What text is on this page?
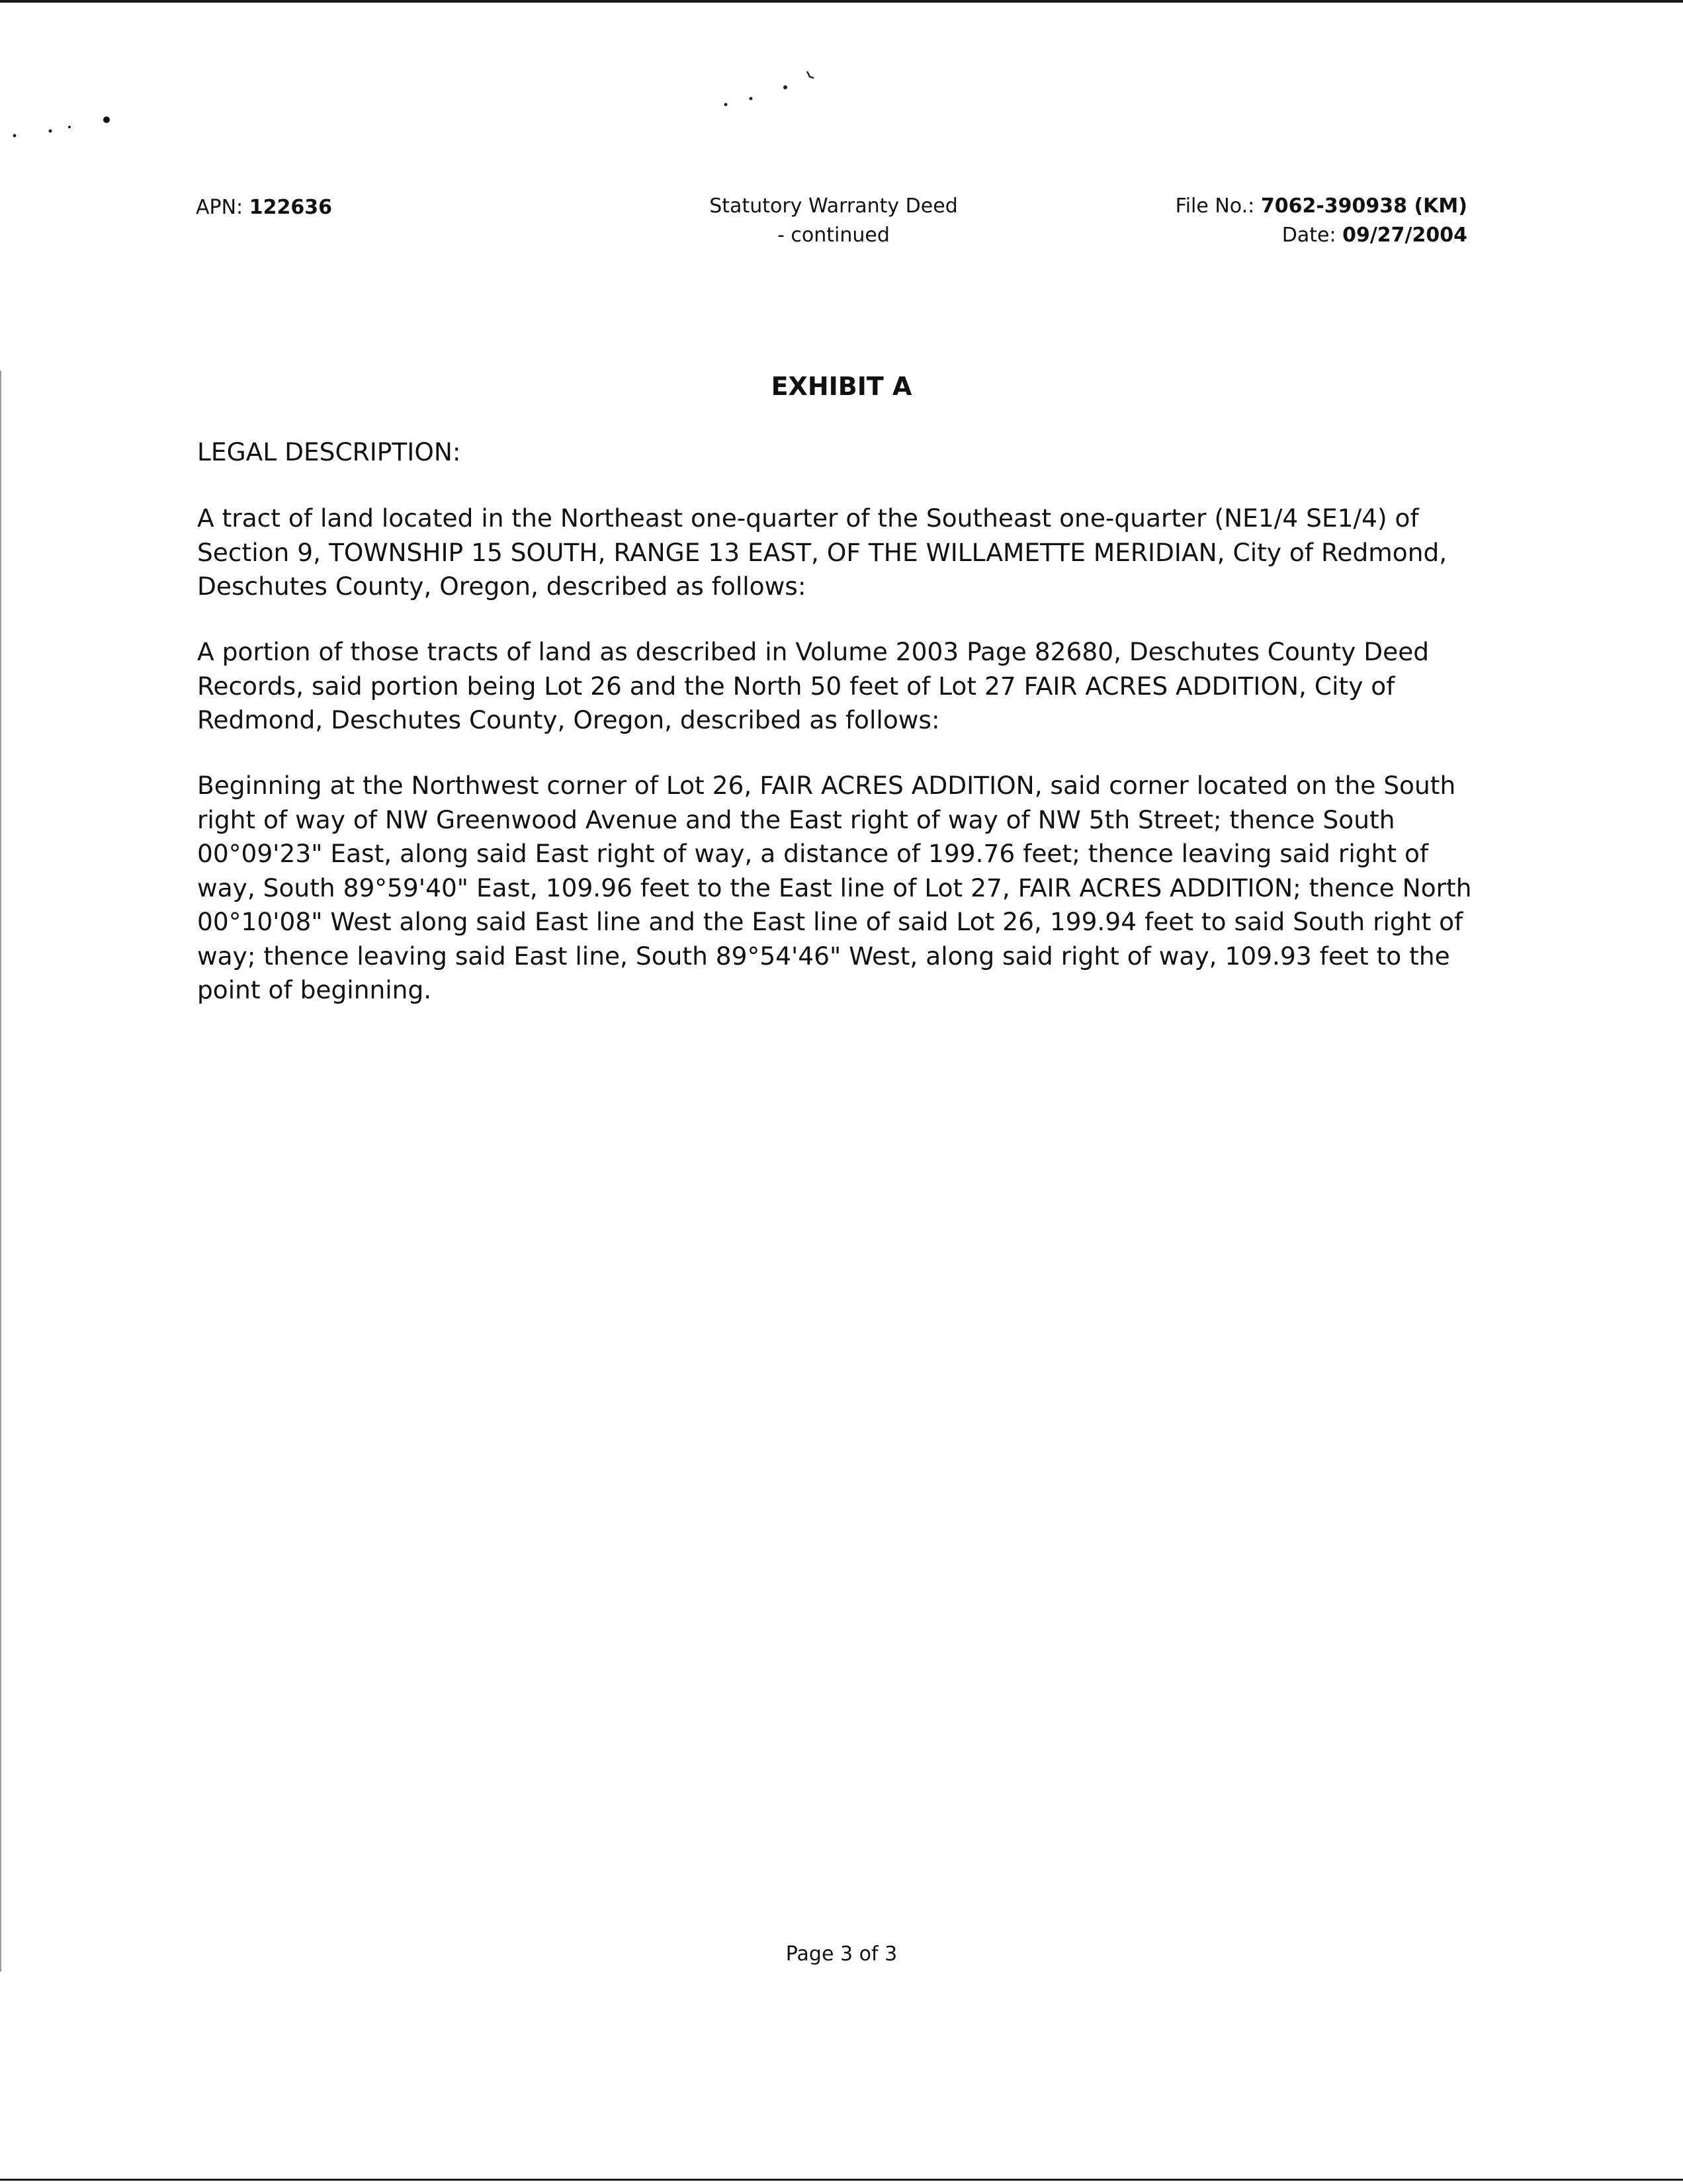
APN: 122636	Statutory Warranty Deed
- continued
File No.: 7062-390938 (KM)
Date: 09/27/2004
EXHIBIT A

LEGAL DESCRIPTION:

A tract of land located in the Northeast one-quarter of the Southeast one-quarter (NE1/4 SE1/4) of Section 9, TOWNSHIP 15 SOUTH, RANGE 13 EAST, OF THE WILLAMETTE MERIDIAN, City of Redmond, Deschutes County, Oregon, described as follows:

A portion of those tracts of land as described in Volume 2003 Page 82680, Deschutes County Deed Records, said portion being Lot 26 and the North 50 feet of Lot 27 FAIR ACRES ADDITION, City of Redmond, Deschutes County, Oregon, described as follows:

Beginning at the Northwest corner of Lot 26, FAIR ACRES ADDITION, said corner located on the South right of way of NW Greenwood Avenue and the East right of way of NW 5th Street; thence South 00°09'23" East, along said East right of way, a distance of 199.76 feet; thence leaving said right of way, South 89°59'40" East, 109.96 feet to the East line of Lot 27, FAIR ACRES ADDITION; thence North 00°10'08" West along said East line and the East line of said Lot 26, 199.94 feet to said South right of way; thence leaving said East line, South 89°54'46" West, along said right of way, 109.93 feet to the point of beginning.

Page 3 of 3
